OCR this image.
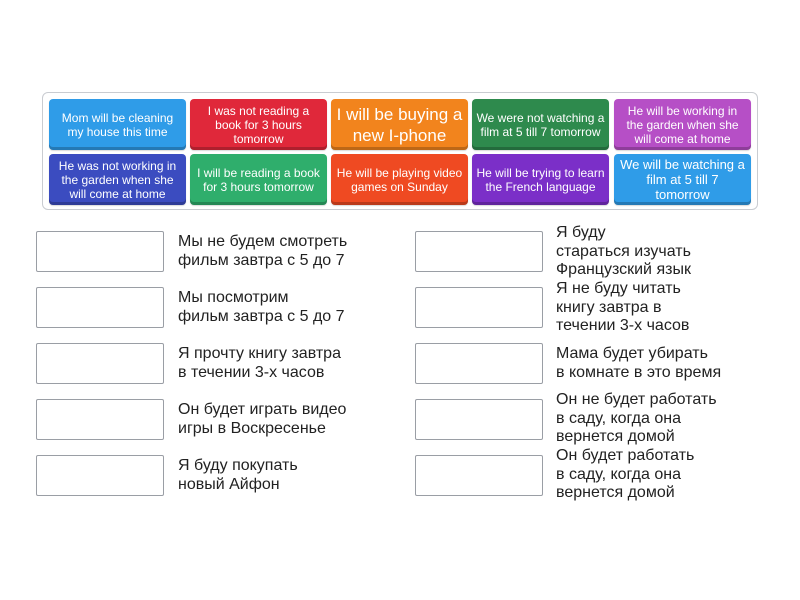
Mom will be cleaning my house this time
I was not reading a book for 3 hours tomorrow
I will be buying a new I-phone
We were not watching a film at 5 till 7 tomorrow
He will be working in the garden when she will come at home
He was not working in the garden when she will come at home
I will be reading a book for 3 hours tomorrow
He will be playing video games on Sunday
He will be trying to learn the French language
We will be watching a film at 5 till 7 tomorrow
Мы не будем смотреть
фильм завтра с 5 до 7
Мы посмотрим
фильм завтра с 5 до 7
Я прочту книгу завтра
в течении 3-х часов
Он будет играть видео
игры в Воскресенье
Я буду покупать
новый Айфон
Я буду
стараться изучать
Французский язык
Я не буду читать
книгу завтра в
течении 3-х часов
Мама будет убирать
в комнате в это время
Он не будет работать
в саду, когда она
вернется домой
Он будет работать
в саду, когда она
вернется домой
